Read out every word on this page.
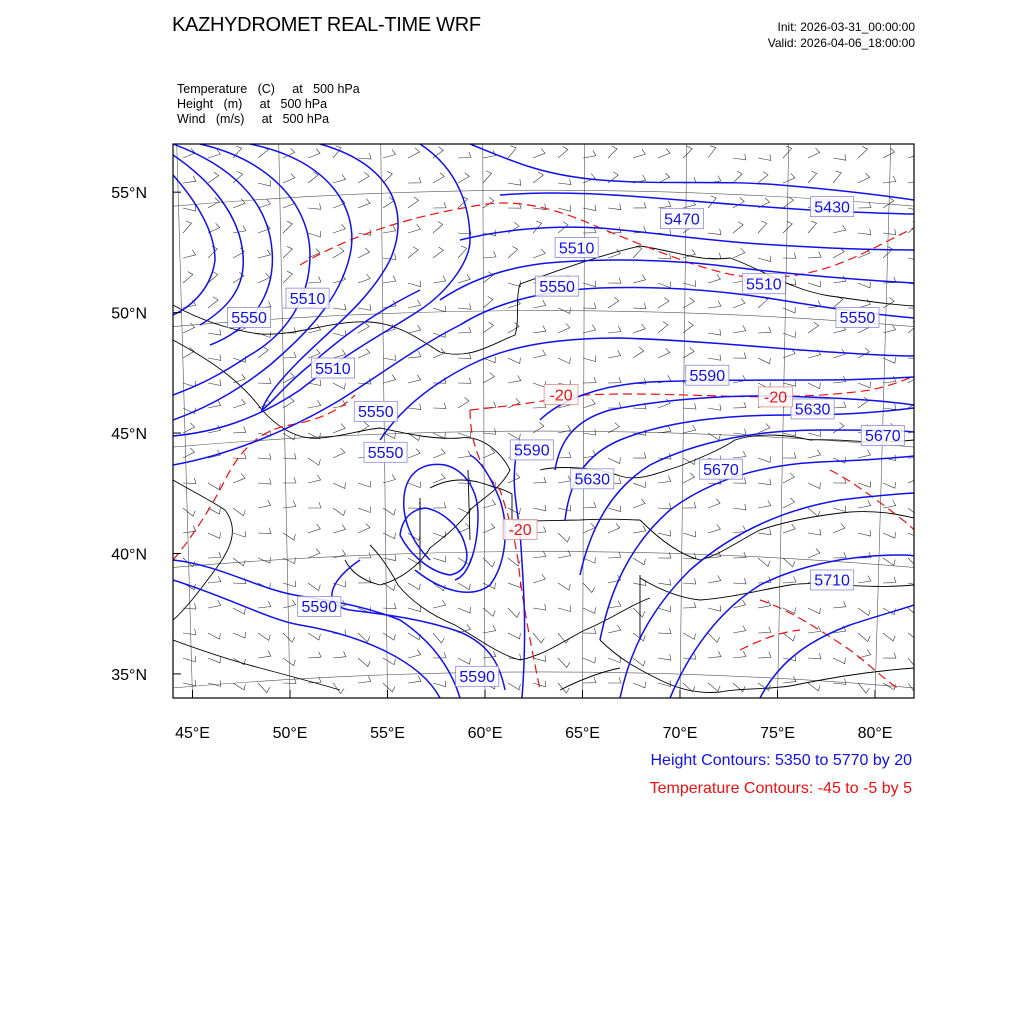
KAZHYDROMET REAL-TIME WRF	Init: 2026-03-31_00:00:00
Valid: 2026-04-06_18:00:00
Temperature   (C)     at   500 hPa
Height   (m)     at   500 hPa
Wind   (m/s)     at   500 hPa
5470
5430
5510
5550	5510
5550
5510
5550
5510	5590
5550	5630
5670
5550	5590
5630
5670
5710
5590
5590
-20	-20
-20
45°E	50°E	55°E	60°E	65°E	70°E	75°E	80°E
55°N
50°N
45°N
40°N
35°N
Height Contours: 5350 to 5770 by 20
Temperature Contours: -45 to -5 by 5
